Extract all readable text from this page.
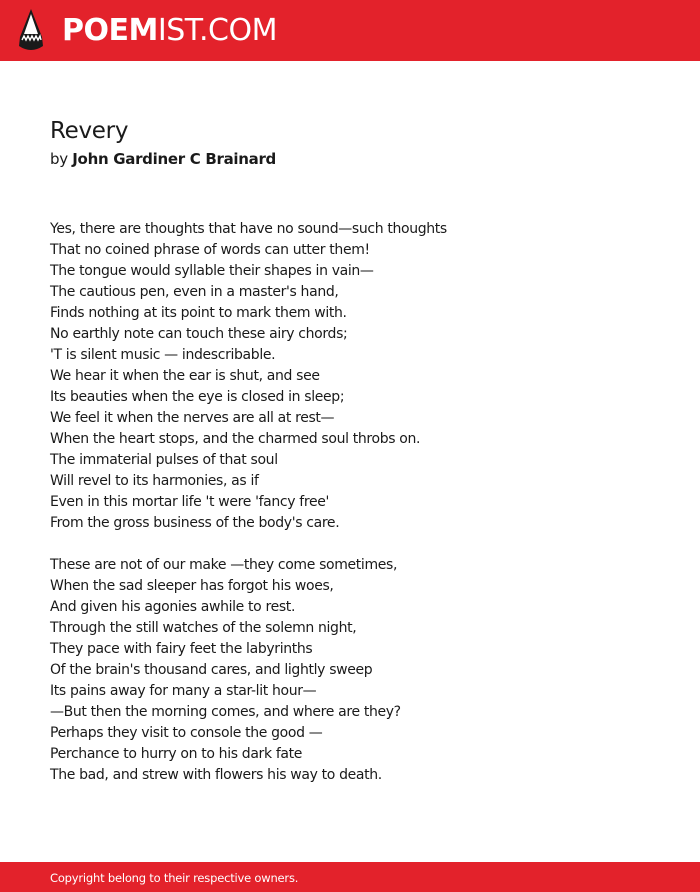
POEMIST.COM
Revery
by John Gardiner C Brainard

Yes, there are thoughts that have no sound—such thoughts
That no coined phrase of words can utter them!
The tongue would syllable their shapes in vain—
The cautious pen, even in a master's hand,
Finds nothing at its point to mark them with.
No earthly note can touch these airy chords;
'T is silent music — indescribable.
We hear it when the ear is shut, and see
Its beauties when the eye is closed in sleep;
We feel it when the nerves are all at rest—
When the heart stops, and the charmed soul throbs on.
The immaterial pulses of that soul
Will revel to its harmonies, as if
Even in this mortar life 't were 'fancy free'
From the gross business of the body's care.

These are not of our make —they come sometimes,
When the sad sleeper has forgot his woes,
And given his agonies awhile to rest.
Through the still watches of the solemn night,
They pace with fairy feet the labyrinths
Of the brain's thousand cares, and lightly sweep
Its pains away for many a star-lit hour—
—But then the morning comes, and where are they?
Perhaps they visit to console the good —
Perchance to hurry on to his dark fate
The bad, and strew with flowers his way to death.

Copyright belong to their respective owners.
